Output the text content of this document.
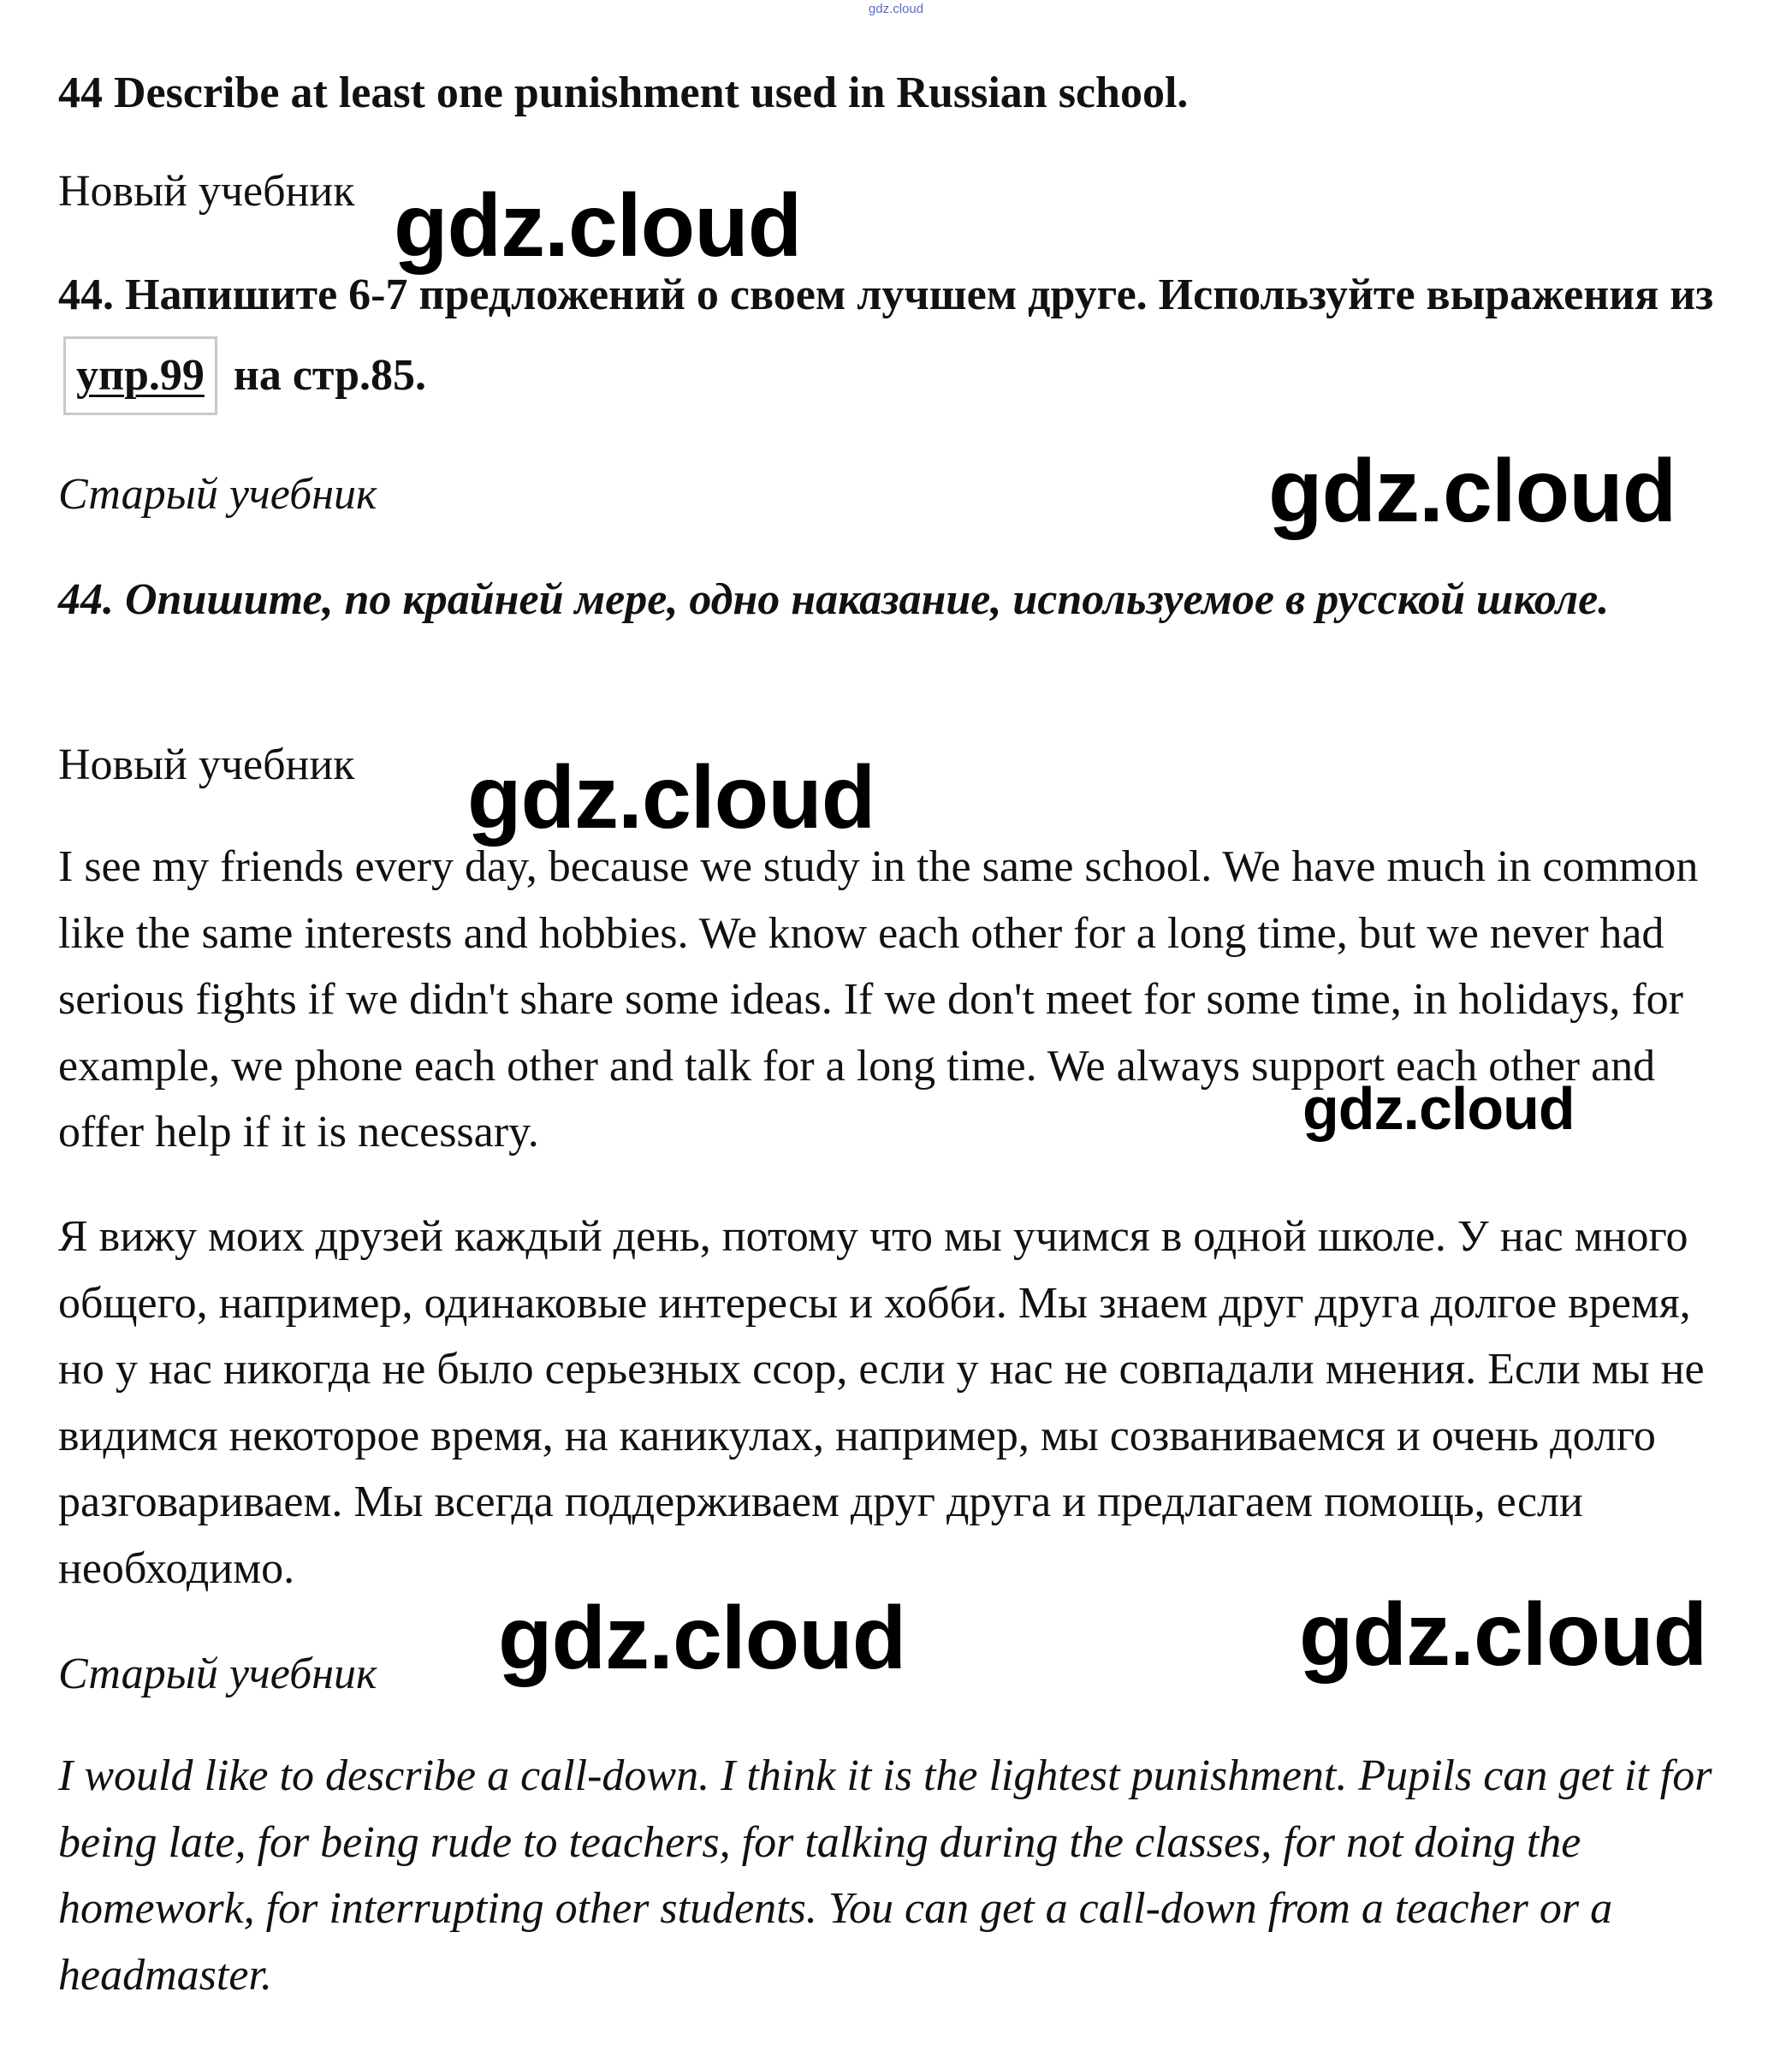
gdz.cloud

44 Describe at least one punishment used in Russian school.

Новый учебник

44. Напишите 6-7 предложений о своем лучшем друге. Используйте выражения из упр.99 на стр.85.

Старый учебник

44. Опишите, по крайней мере, одно наказание, используемое в русской школе.

Новый учебник

I see my friends every day, because we study in the same school. We have much in common like the same interests and hobbies. We know each other for a long time, but we never had serious fights if we didn't share some ideas. If we don't meet for some time, in holidays, for example, we phone each other and talk for a long time. We always support each other and offer help if it is necessary.

Я вижу моих друзей каждый день, потому что мы учимся в одной школе. У нас много общего, например, одинаковые интересы и хобби. Мы знаем друг друга долгое время, но у нас никогда не было серьезных ссор, если у нас не совпадали мнения. Если мы не видимся некоторое время, на каникулах, например, мы созваниваемся и очень долго разговариваем. Мы всегда поддерживаем друг друга и предлагаем помощь, если необходимо.

Старый учебник

I would like to describe a call-down. I think it is the lightest punishment. Pupils can get it for being late, for being rude to teachers, for talking during the classes, for not doing the homework, for interrupting other students. You can get a call-down from a teacher or a headmaster.

gdz.cloud
gdz.cloud
gdz.cloud
gdz.cloud
gdz.cloud	gdz.cloud
